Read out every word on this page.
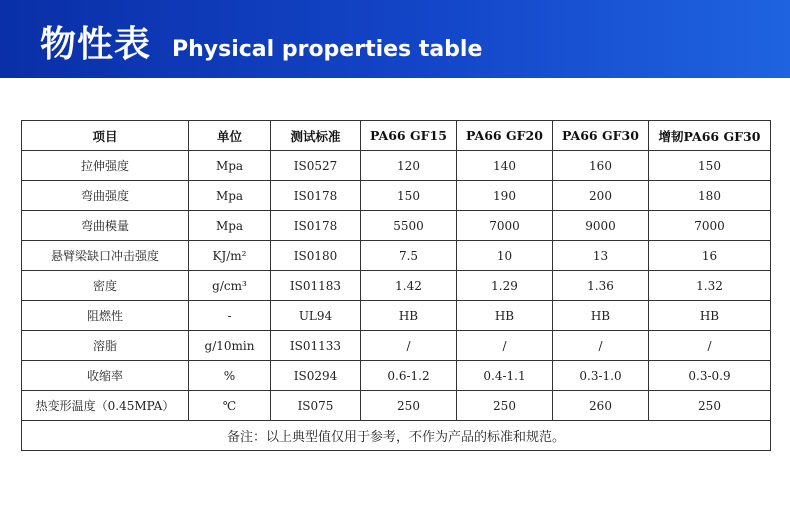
物性表 Physical properties table
项目	单位	测试标准	PA66 GF15	PA66 GF20	PA66 GF30	增韧PA66 GF30
拉伸强度	Mpa	IS0527	120	140	160	150
弯曲强度	Mpa	IS0178	150	190	200	180
弯曲模量	Mpa	IS0178	5500	7000	9000	7000
悬臂梁缺口冲击强度	KJ/m²	IS0180	7.5	10	13	16
密度	g/cm³	IS01183	1.42	1.29	1.36	1.32
阻燃性	-	UL94	HB	HB	HB	HB
溶脂	g/10min	IS01133	/	/	/	/
收缩率	%	IS0294	0.6-1.2	0.4-1.1	0.3-1.0	0.3-0.9
热变形温度（0.45MPA）	℃	IS075	250	250	260	250
备注：以上典型值仅用于参考，不作为产品的标准和规范。						
